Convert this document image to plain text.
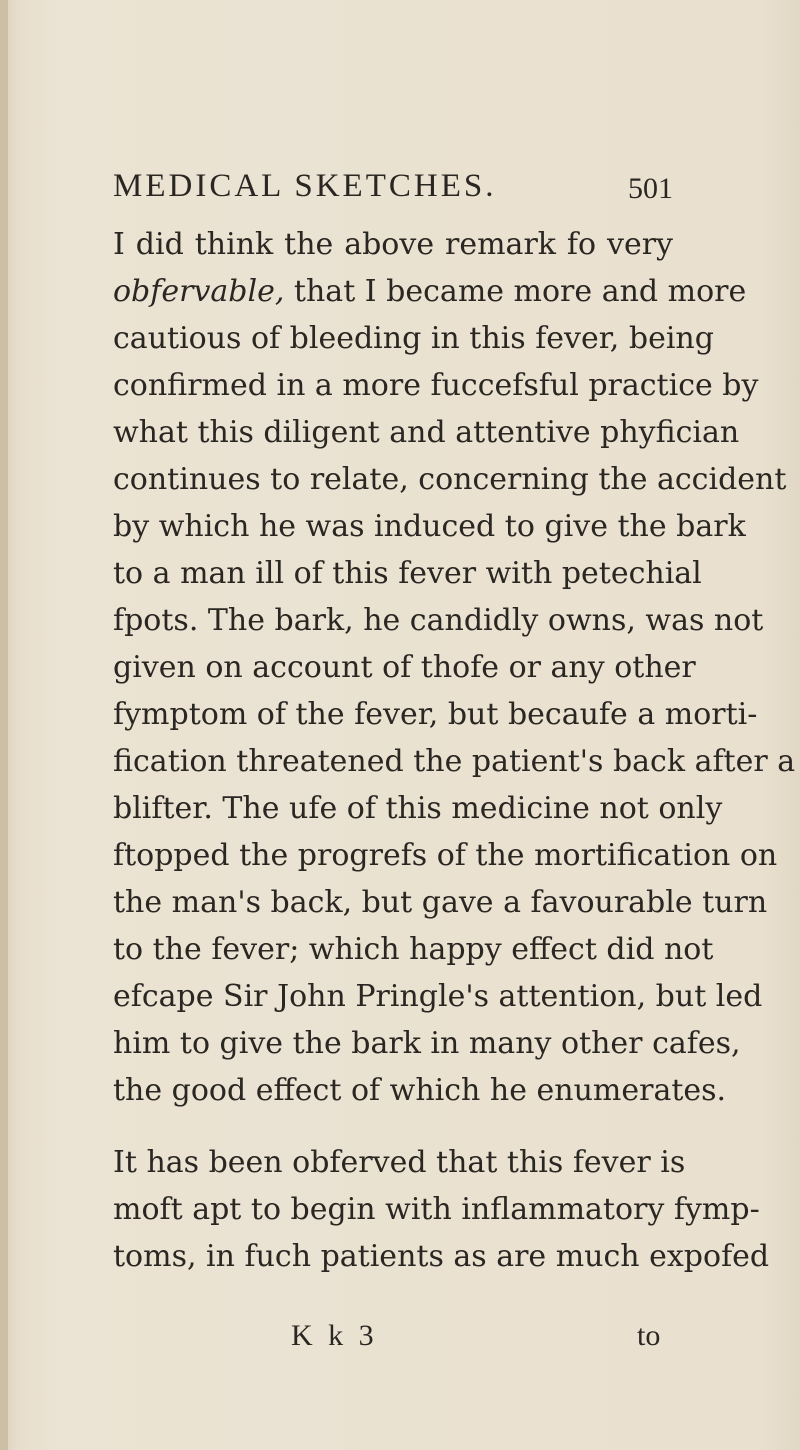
MEDICAL SKETCHES.	501
I did think the above remark fo very
obfervable, that I became more and more
cautious of bleeding in this fever, being
confirmed in a more fuccefsful practice by
what this diligent and attentive phyfician
continues to relate, concerning the accident
by which he was induced to give the bark
to a man ill of this fever with petechial
fpots. The bark, he candidly owns, was not
given on account of thofe or any other
fymptom of the fever, but becaufe a morti-
fication threatened the patient's back after a
blifter. The ufe of this medicine not only
ftopped the progrefs of the mortification on
the man's back, but gave a favourable turn
to the fever; which happy effect did not
efcape Sir John Pringle's attention, but led
him to give the bark in many other cafes,
the good effect of which he enumerates.
It has been obferved that this fever is
moft apt to begin with inflammatory fymp-
toms, in fuch patients as are much expofed
K k 3	to
